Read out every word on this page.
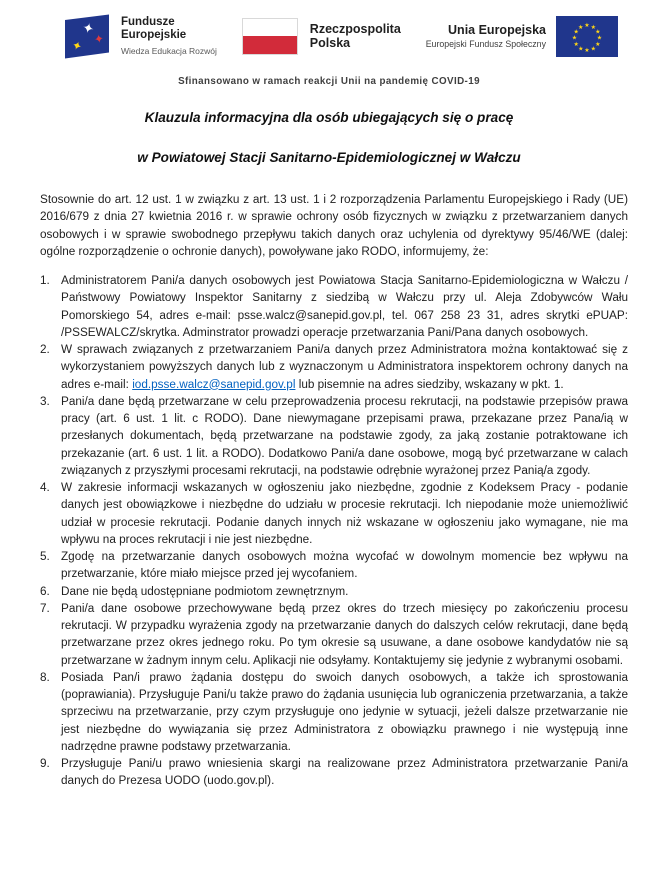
✦
✦
✦
Fundusze
Europejskie
Wiedza Edukacja Rozwój
Rzeczpospolita
Polska
Unia Europejska
Europejski Fundusz Społeczny
★ ★
★
★
★
★
★
★
★
★
★
★
Sfinansowano w ramach reakcji Unii na pandemię COVID-19
Klauzula informacyjna dla osób ubiegających się o pracę
w Powiatowej Stacji Sanitarno-Epidemiologicznej w Wałczu

Stosownie do art. 12 ust. 1 w związku z art. 13 ust. 1 i 2 rozporządzenia Parlamentu Europejskiego i Rady (UE) 2016/679 z dnia 27 kwietnia 2016 r. w sprawie ochrony osób fizycznych w związku z przetwarzaniem danych osobowych i w sprawie swobodnego przepływu takich danych oraz uchylenia od dyrektywy 95/46/WE (dalej: ogólne rozporządzenie o ochronie danych), powoływane jako RODO, informujemy, że:

1. Administratorem Pani/a danych osobowych jest Powiatowa Stacja Sanitarno-Epidemiologiczna w Wałczu / Państwowy Powiatowy Inspektor Sanitarny z siedzibą w Wałczu przy ul. Aleja Zdobywców Wału Pomorskiego 54, adres e-mail: psse.walcz@sanepid.gov.pl, tel. 067 258 23 31, adres skrytki ePUAP: /PSSEWALCZ/skrytka. Adminstrator prowadzi operacje przetwarzania Pani/Pana danych osobowych.
2. W sprawach związanych z przetwarzaniem Pani/a danych przez Administratora można kontaktować się z wykorzystaniem powyższych danych lub z wyznaczonym u Administratora inspektorem ochrony danych na adres e-mail: iod.psse.walcz@sanepid.gov.pl lub pisemnie na adres siedziby, wskazany w pkt. 1.
3. Pani/a dane będą przetwarzane w celu przeprowadzenia procesu rekrutacji, na podstawie przepisów prawa pracy (art. 6 ust. 1 lit. c RODO). Dane niewymagane przepisami prawa, przekazane przez Pana/ią w przesłanych dokumentach, będą przetwarzane na podstawie zgody, za jaką zostanie potraktowane ich przekazanie (art. 6 ust. 1 lit. a RODO). Dodatkowo Pani/a dane osobowe, mogą być przetwarzane w calach związanych z przyszłymi procesami rekrutacji, na podstawie odrębnie wyrażonej przez Panią/a zgody.
4. W zakresie informacji wskazanych w ogłoszeniu jako niezbędne, zgodnie z Kodeksem Pracy - podanie danych jest obowiązkowe i niezbędne do udziału w procesie rekrutacji. Ich niepodanie może uniemożliwić udział w procesie rekrutacji. Podanie danych innych niż wskazane w ogłoszeniu jako wymagane, nie ma wpływu na proces rekrutacji i nie jest niezbędne.
5. Zgodę na przetwarzanie danych osobowych można wycofać w dowolnym momencie bez wpływu na przetwarzanie, które miało miejsce przed jej wycofaniem.
6. Dane nie będą udostępniane podmiotom zewnętrznym.
7. Pani/a dane osobowe przechowywane będą przez okres do trzech miesięcy po zakończeniu procesu rekrutacji. W przypadku wyrażenia zgody na przetwarzanie danych do dalszych celów rekrutacji, dane będą przetwarzane przez okres jednego roku. Po tym okresie są usuwane, a dane osobowe kandydatów nie są przetwarzane w żadnym innym celu. Aplikacji nie odsyłamy. Kontaktujemy się jedynie z wybranymi osobami.
8. Posiada Pan/i prawo żądania dostępu do swoich danych osobowych, a także ich sprostowania (poprawiania). Przysługuje Pani/u także prawo do żądania usunięcia lub ograniczenia przetwarzania, a także sprzeciwu na przetwarzanie, przy czym przysługuje ono jedynie w sytuacji, jeżeli dalsze przetwarzanie nie jest niezbędne do wywiązania się przez Administratora z obowiązku prawnego i nie występują inne nadrzędne prawne podstawy przetwarzania.
9. Przysługuje Pani/u prawo wniesienia skargi na realizowane przez Administratora przetwarzanie Pani/a danych do Prezesa UODO (uodo.gov.pl).
